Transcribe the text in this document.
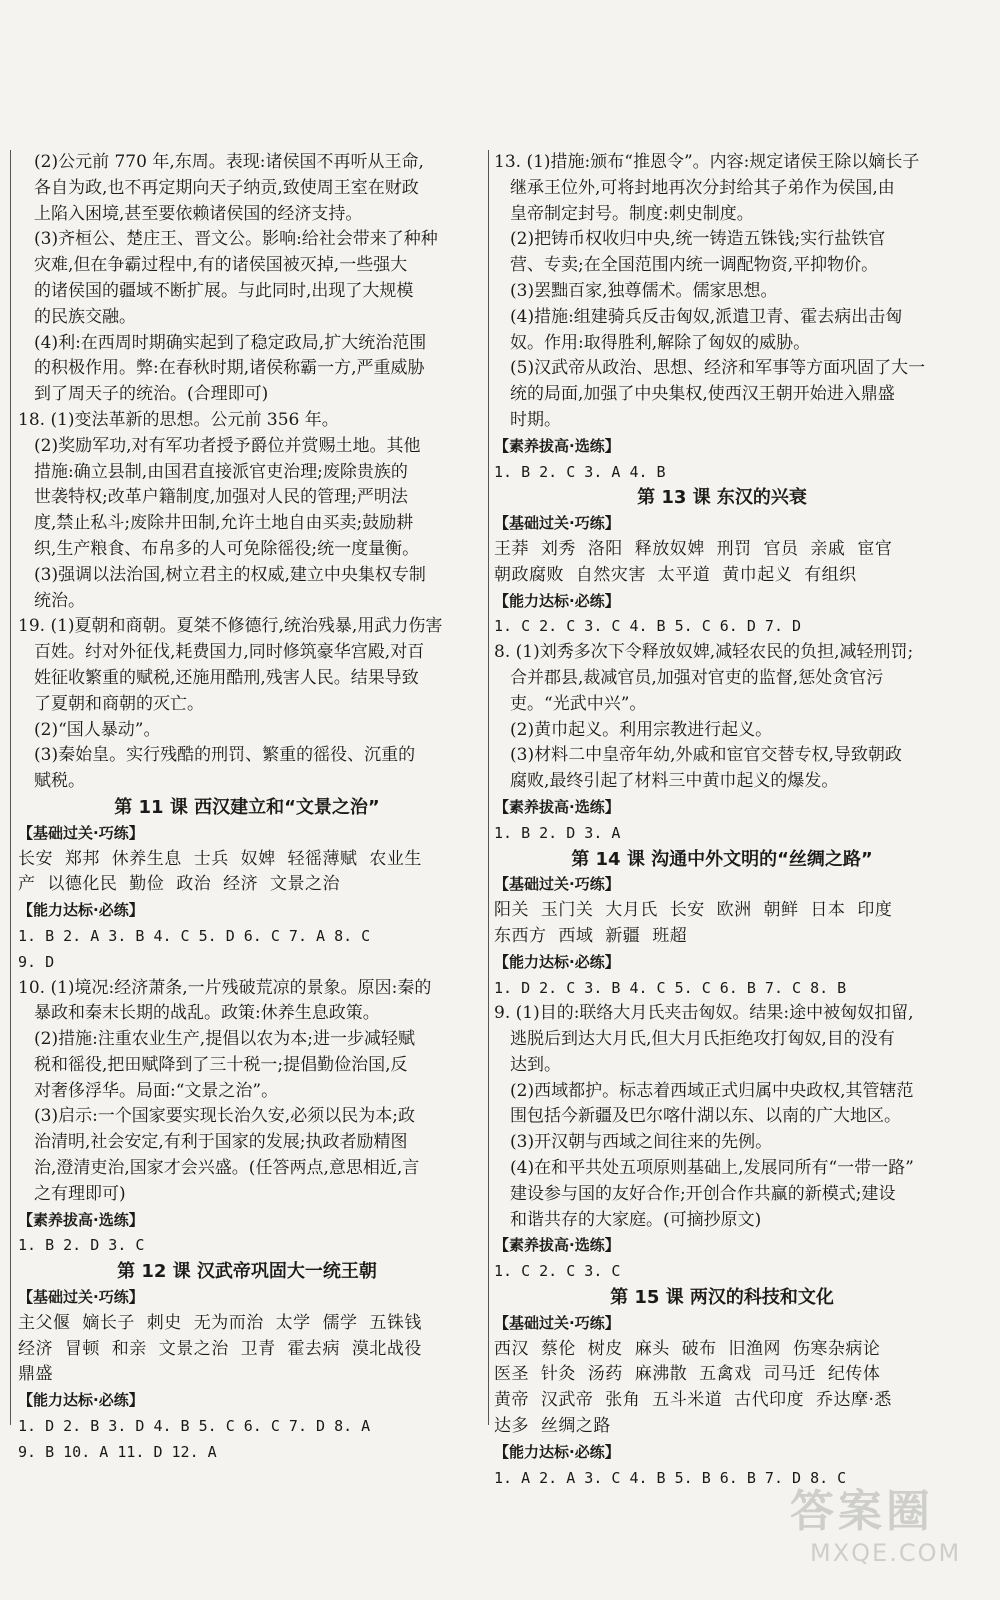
(2)公元前 770 年,东周。表现:诸侯国不再听从王命,
各自为政,也不再定期向天子纳贡,致使周王室在财政
上陷入困境,甚至要依赖诸侯国的经济支持。
(3)齐桓公、楚庄王、晋文公。影响:给社会带来了种种
灾难,但在争霸过程中,有的诸侯国被灭掉,一些强大
的诸侯国的疆域不断扩展。与此同时,出现了大规模
的民族交融。
(4)利:在西周时期确实起到了稳定政局,扩大统治范围
的积极作用。弊:在春秋时期,诸侯称霸一方,严重威胁
到了周天子的统治。(合理即可)
18. (1)变法革新的思想。公元前 356 年。
(2)奖励军功,对有军功者授予爵位并赏赐土地。其他
措施:确立县制,由国君直接派官吏治理;废除贵族的
世袭特权;改革户籍制度,加强对人民的管理;严明法
度,禁止私斗;废除井田制,允许土地自由买卖;鼓励耕
织,生产粮食、布帛多的人可免除徭役;统一度量衡。
(3)强调以法治国,树立君主的权威,建立中央集权专制
统治。
19. (1)夏朝和商朝。夏桀不修德行,统治残暴,用武力伤害
百姓。纣对外征伐,耗费国力,同时修筑豪华宫殿,对百
姓征收繁重的赋税,还施用酷刑,残害人民。结果导致
了夏朝和商朝的灭亡。
(2)“国人暴动”。
(3)秦始皇。实行残酷的刑罚、繁重的徭役、沉重的
赋税。
第 11 课 西汉建立和“文景之治”
【基础过关·巧练】
长安 郑邦 休养生息 士兵 奴婢 轻徭薄赋 农业生
产 以德化民 勤俭 政治 经济 文景之治
【能力达标·必练】
1. B 2. A 3. B 4. C 5. D 6. C 7. A 8. C
9. D
10. (1)境况:经济萧条,一片残破荒凉的景象。原因:秦的
暴政和秦末长期的战乱。政策:休养生息政策。
(2)措施:注重农业生产,提倡以农为本;进一步减轻赋
税和徭役,把田赋降到了三十税一;提倡勤俭治国,反
对奢侈浮华。局面:“文景之治”。
(3)启示:一个国家要实现长治久安,必须以民为本;政
治清明,社会安定,有利于国家的发展;执政者励精图
治,澄清吏治,国家才会兴盛。(任答两点,意思相近,言
之有理即可)
【素养拔高·选练】
1. B 2. D 3. C
第 12 课 汉武帝巩固大一统王朝
【基础过关·巧练】
主父偃 嫡长子 刺史 无为而治 太学 儒学 五铢钱
经济 冒顿 和亲 文景之治 卫青 霍去病 漠北战役
鼎盛
【能力达标·必练】
1. D 2. B 3. D 4. B 5. C 6. C 7. D 8. A
9. B 10. A 11. D 12. A
13. (1)措施:颁布“推恩令”。内容:规定诸侯王除以嫡长子
继承王位外,可将封地再次分封给其子弟作为侯国,由
皇帝制定封号。制度:刺史制度。
(2)把铸币权收归中央,统一铸造五铢钱;实行盐铁官
营、专卖;在全国范围内统一调配物资,平抑物价。
(3)罢黜百家,独尊儒术。儒家思想。
(4)措施:组建骑兵反击匈奴,派遣卫青、霍去病出击匈
奴。作用:取得胜利,解除了匈奴的威胁。
(5)汉武帝从政治、思想、经济和军事等方面巩固了大一
统的局面,加强了中央集权,使西汉王朝开始进入鼎盛
时期。
【素养拔高·选练】
1. B 2. C 3. A 4. B
第 13 课 东汉的兴衰
【基础过关·巧练】
王莽 刘秀 洛阳 释放奴婢 刑罚 官员 亲戚 宦官
朝政腐败 自然灾害 太平道 黄巾起义 有组织
【能力达标·必练】
1. C 2. C 3. C 4. B 5. C 6. D 7. D
8. (1)刘秀多次下令释放奴婢,减轻农民的负担,减轻刑罚;
合并郡县,裁减官员,加强对官吏的监督,惩处贪官污
吏。“光武中兴”。
(2)黄巾起义。利用宗教进行起义。
(3)材料二中皇帝年幼,外戚和宦官交替专权,导致朝政
腐败,最终引起了材料三中黄巾起义的爆发。
【素养拔高·选练】
1. B 2. D 3. A
第 14 课 沟通中外文明的“丝绸之路”
【基础过关·巧练】
阳关 玉门关 大月氏 长安 欧洲 朝鲜 日本 印度
东西方 西域 新疆 班超
【能力达标·必练】
1. D 2. C 3. B 4. C 5. C 6. B 7. C 8. B
9. (1)目的:联络大月氏夹击匈奴。结果:途中被匈奴扣留,
逃脱后到达大月氏,但大月氏拒绝攻打匈奴,目的没有
达到。
(2)西域都护。标志着西域正式归属中央政权,其管辖范
围包括今新疆及巴尔喀什湖以东、以南的广大地区。
(3)开汉朝与西域之间往来的先例。
(4)在和平共处五项原则基础上,发展同所有“一带一路”
建设参与国的友好合作;开创合作共赢的新模式;建设
和谐共存的大家庭。(可摘抄原文)
【素养拔高·选练】
1. C 2. C 3. C
第 15 课 两汉的科技和文化
【基础过关·巧练】
西汉 蔡伦 树皮 麻头 破布 旧渔网 伤寒杂病论
医圣 针灸 汤药 麻沸散 五禽戏 司马迁 纪传体
黄帝 汉武帝 张角 五斗米道 古代印度 乔达摩·悉
达多 丝绸之路
【能力达标·必练】
1. A 2. A 3. C 4. B 5. B 6. B 7. D 8. C
答案圈
MXQE.COM
